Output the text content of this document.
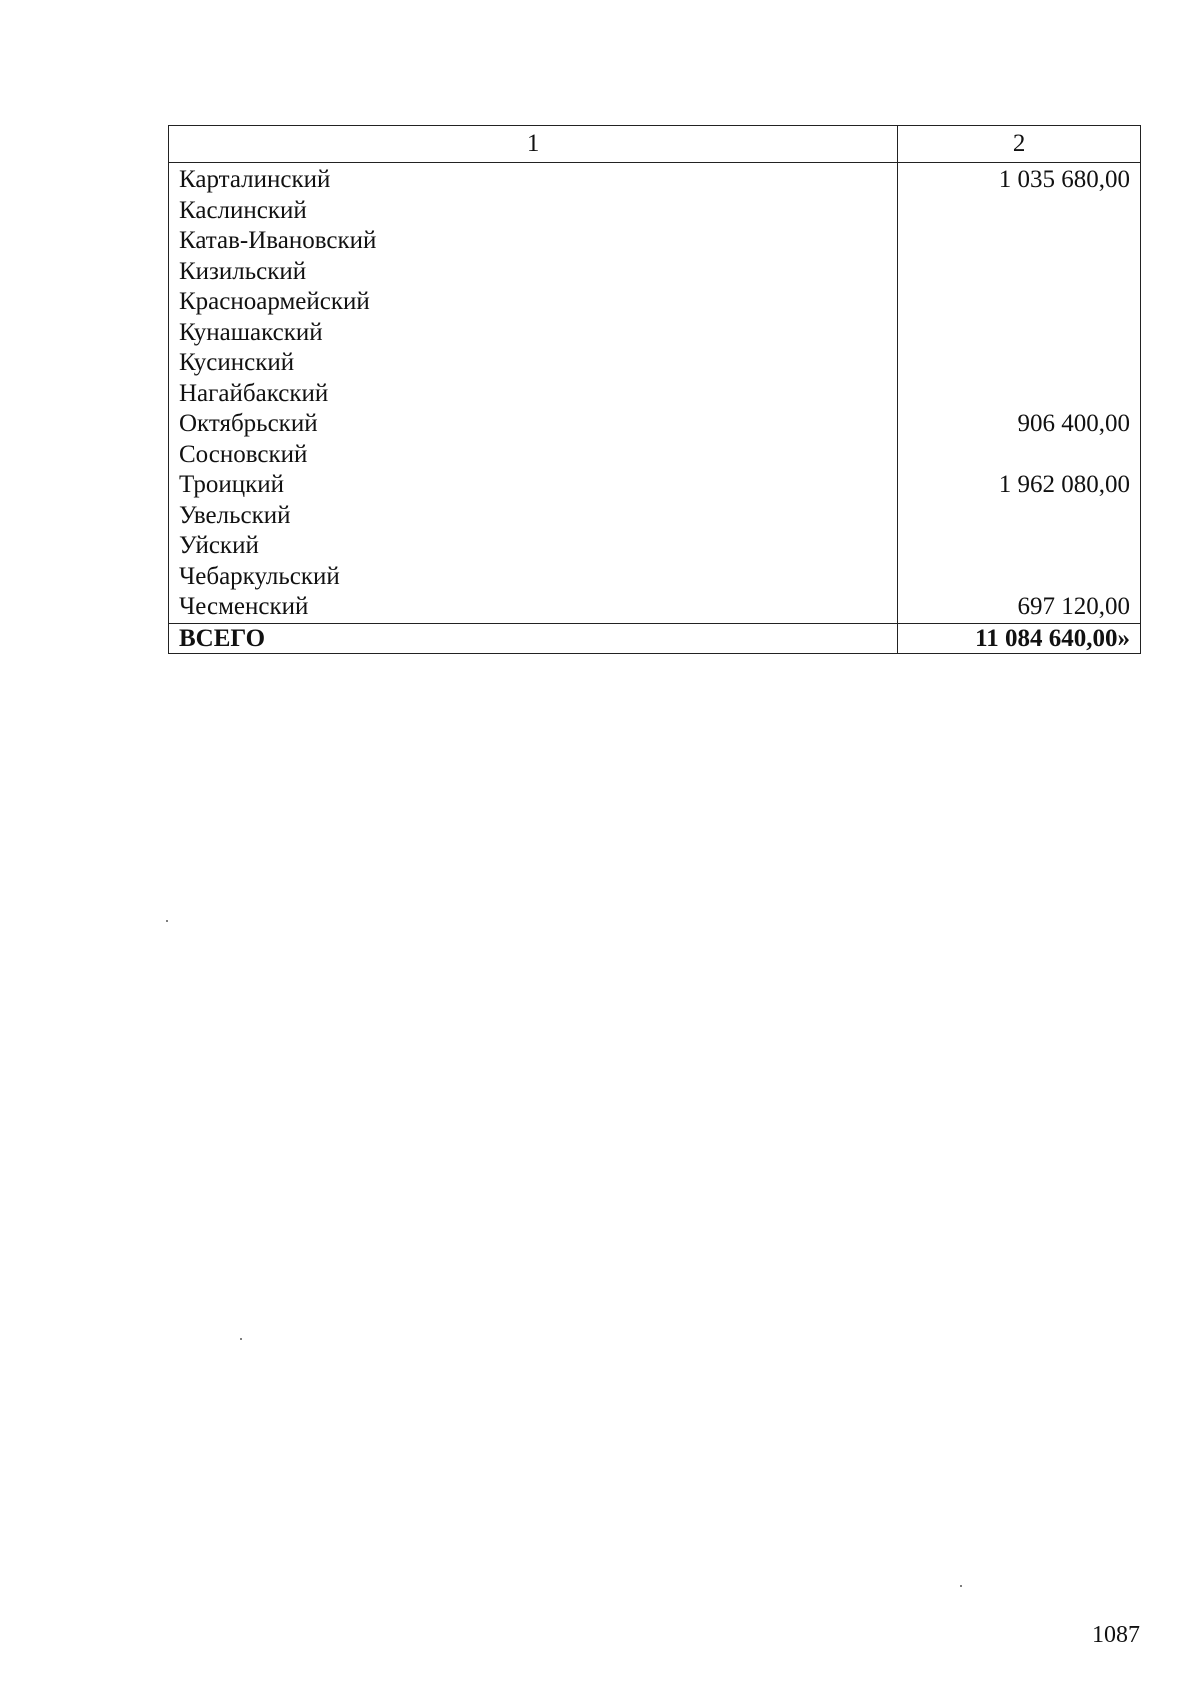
1	2
Карталинский	1 035 680,00
Каслинский	
Катав-Ивановский	
Кизильский	
Красноармейский	
Кунашакский	
Кусинский	
Нагайбакский	
Октябрьский	906 400,00
Сосновский	
Троицкий	1 962 080,00
Увельский	
Уйский	
Чебаркульский	
Чесменский	697 120,00
ВСЕГО	11 084 640,00»
1087
